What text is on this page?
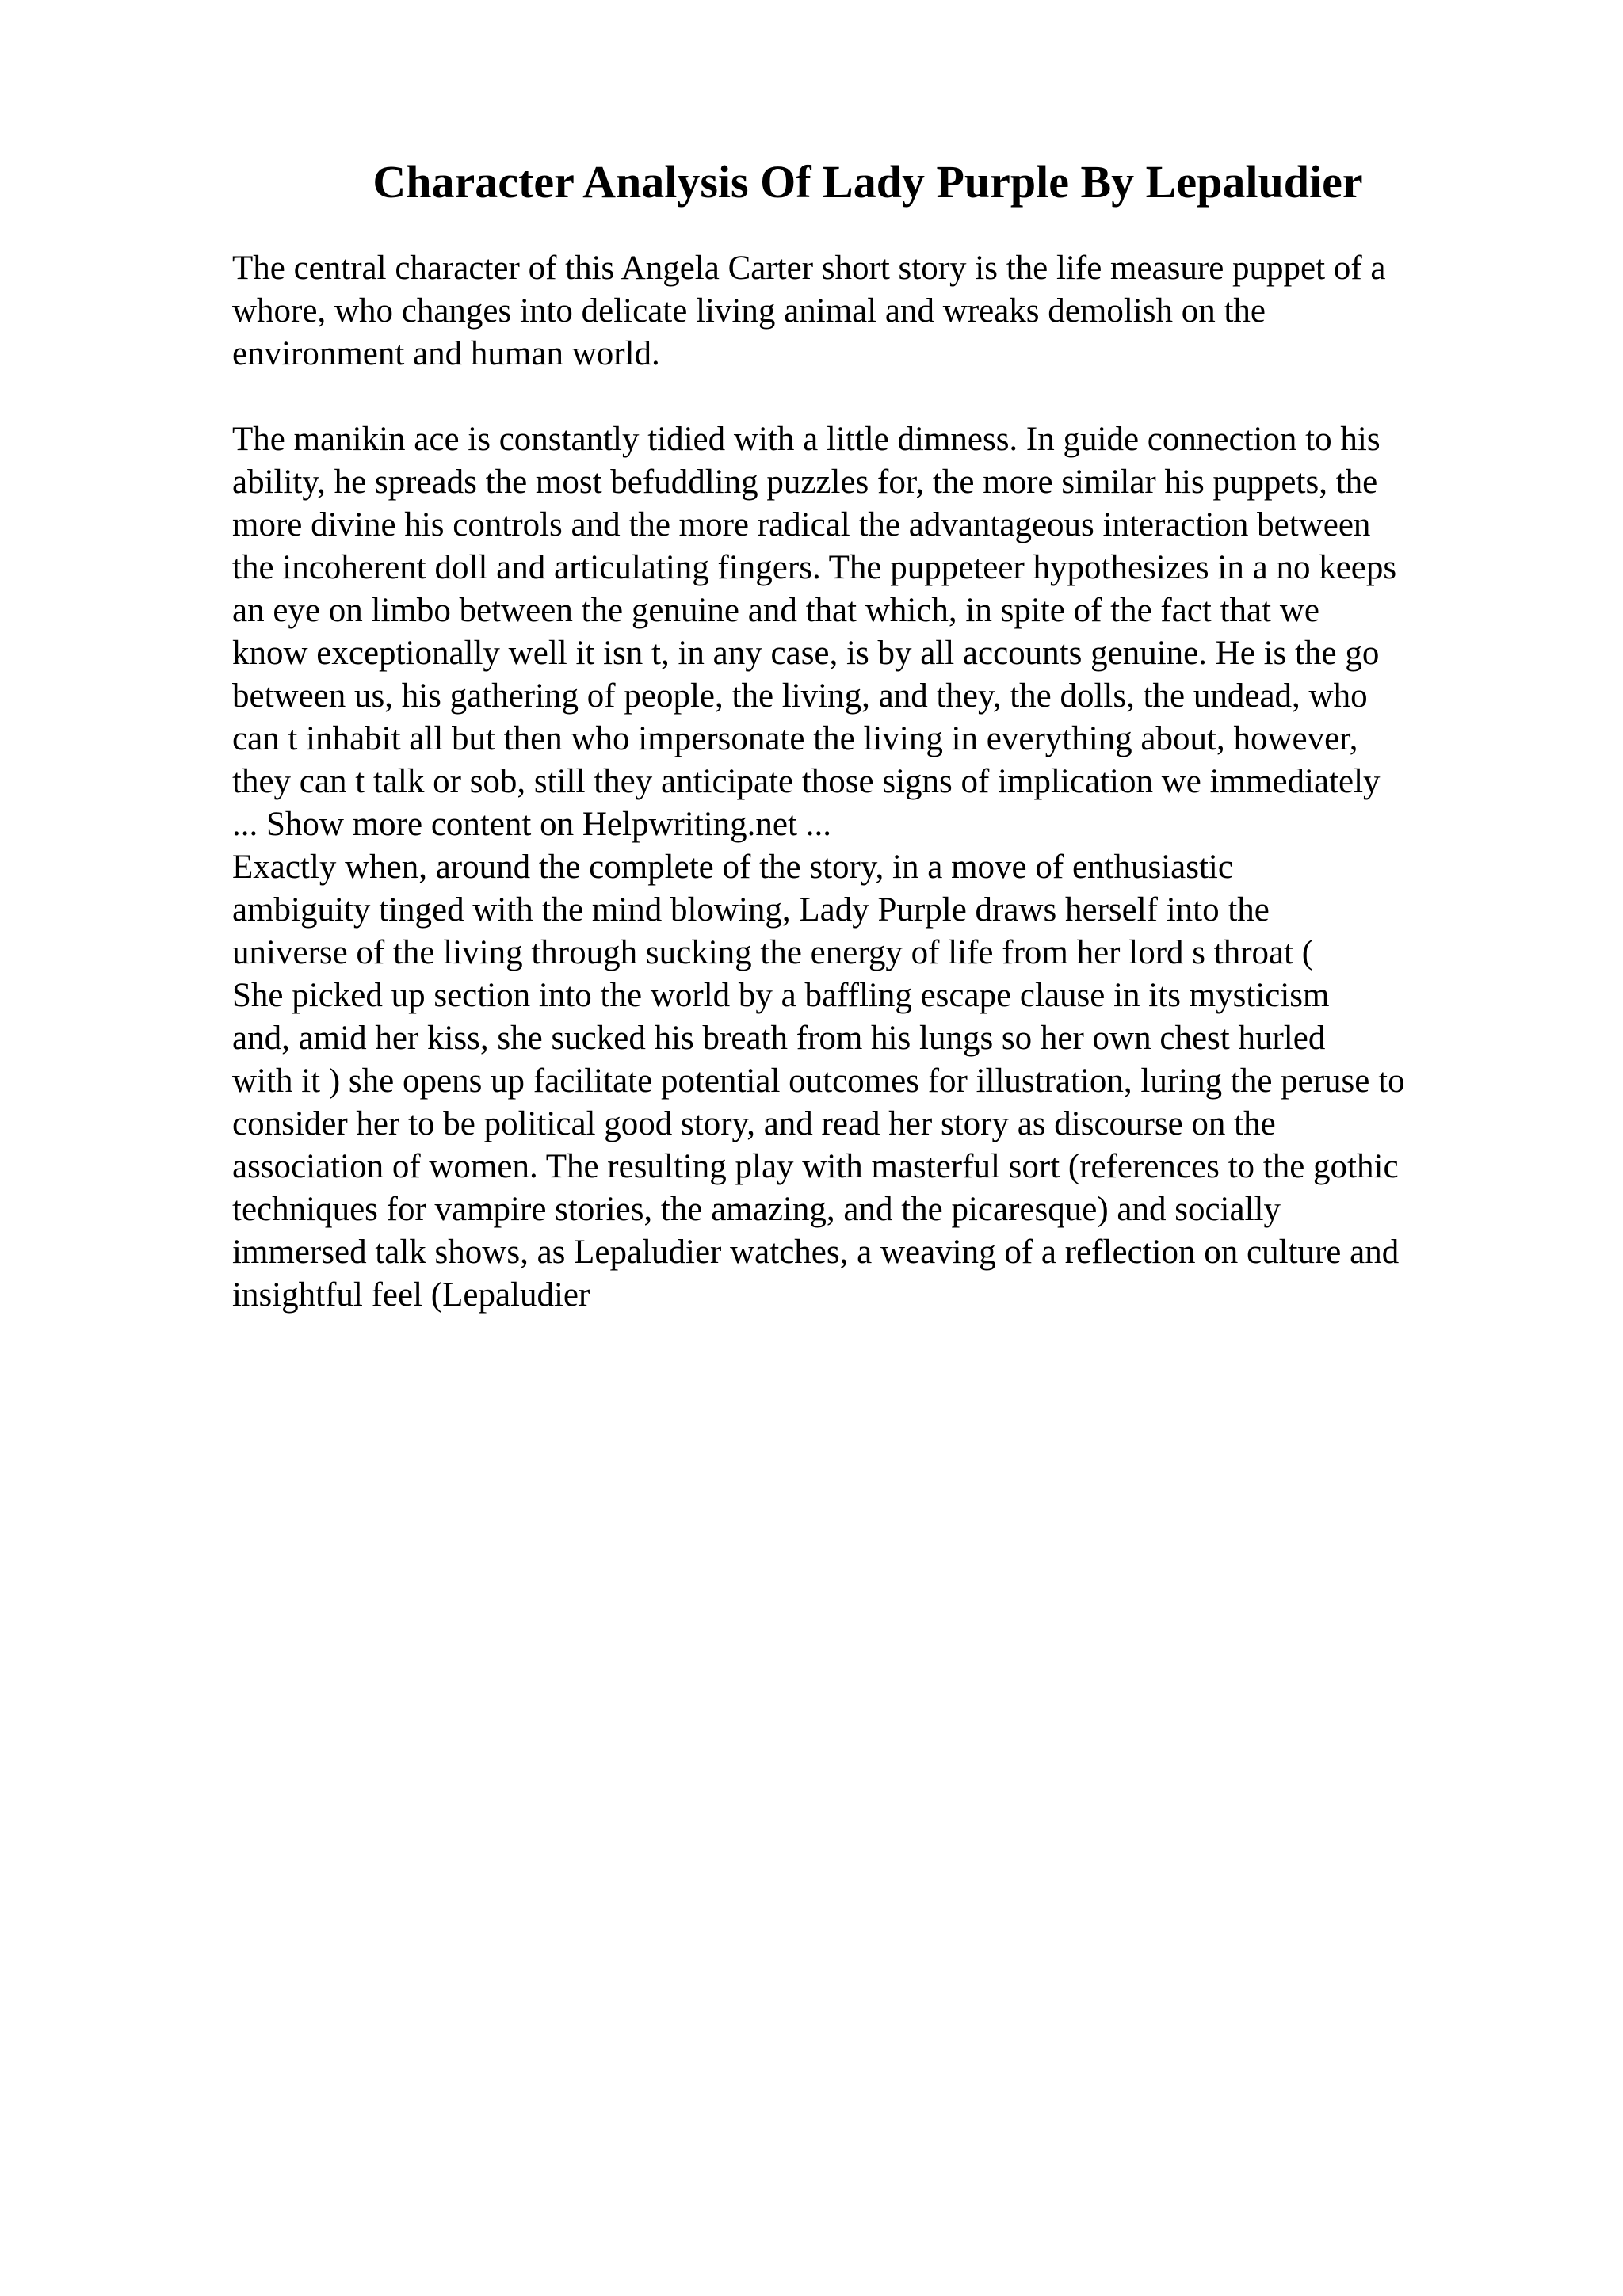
Character Analysis Of Lady Purple By Lepaludier
The central character of this Angela Carter short story is the life measure puppet of a
whore, who changes into delicate living animal and wreaks demolish on the
environment and human world.
The manikin ace is constantly tidied with a little dimness. In guide connection to his
ability, he spreads the most befuddling puzzles for, the more similar his puppets, the
more divine his controls and the more radical the advantageous interaction between
the incoherent doll and articulating fingers. The puppeteer hypothesizes in a no keeps
an eye on limbo between the genuine and that which, in spite of the fact that we
know exceptionally well it isn t, in any case, is by all accounts genuine. He is the go
between us, his gathering of people, the living, and they, the dolls, the undead, who
can t inhabit all but then who impersonate the living in everything about, however,
they can t talk or sob, still they anticipate those signs of implication we immediately
... Show more content on Helpwriting.net ...
Exactly when, around the complete of the story, in a move of enthusiastic
ambiguity tinged with the mind blowing, Lady Purple draws herself into the
universe of the living through sucking the energy of life from her lord s throat (
She picked up section into the world by a baffling escape clause in its mysticism
and, amid her kiss, she sucked his breath from his lungs so her own chest hurled
with it ) she opens up facilitate potential outcomes for illustration, luring the peruse to
consider her to be political good story, and read her story as discourse on the
association of women. The resulting play with masterful sort (references to the gothic
techniques for vampire stories, the amazing, and the picaresque) and socially
immersed talk shows, as Lepaludier watches, a weaving of a reflection on culture and
insightful feel (Lepaludier
